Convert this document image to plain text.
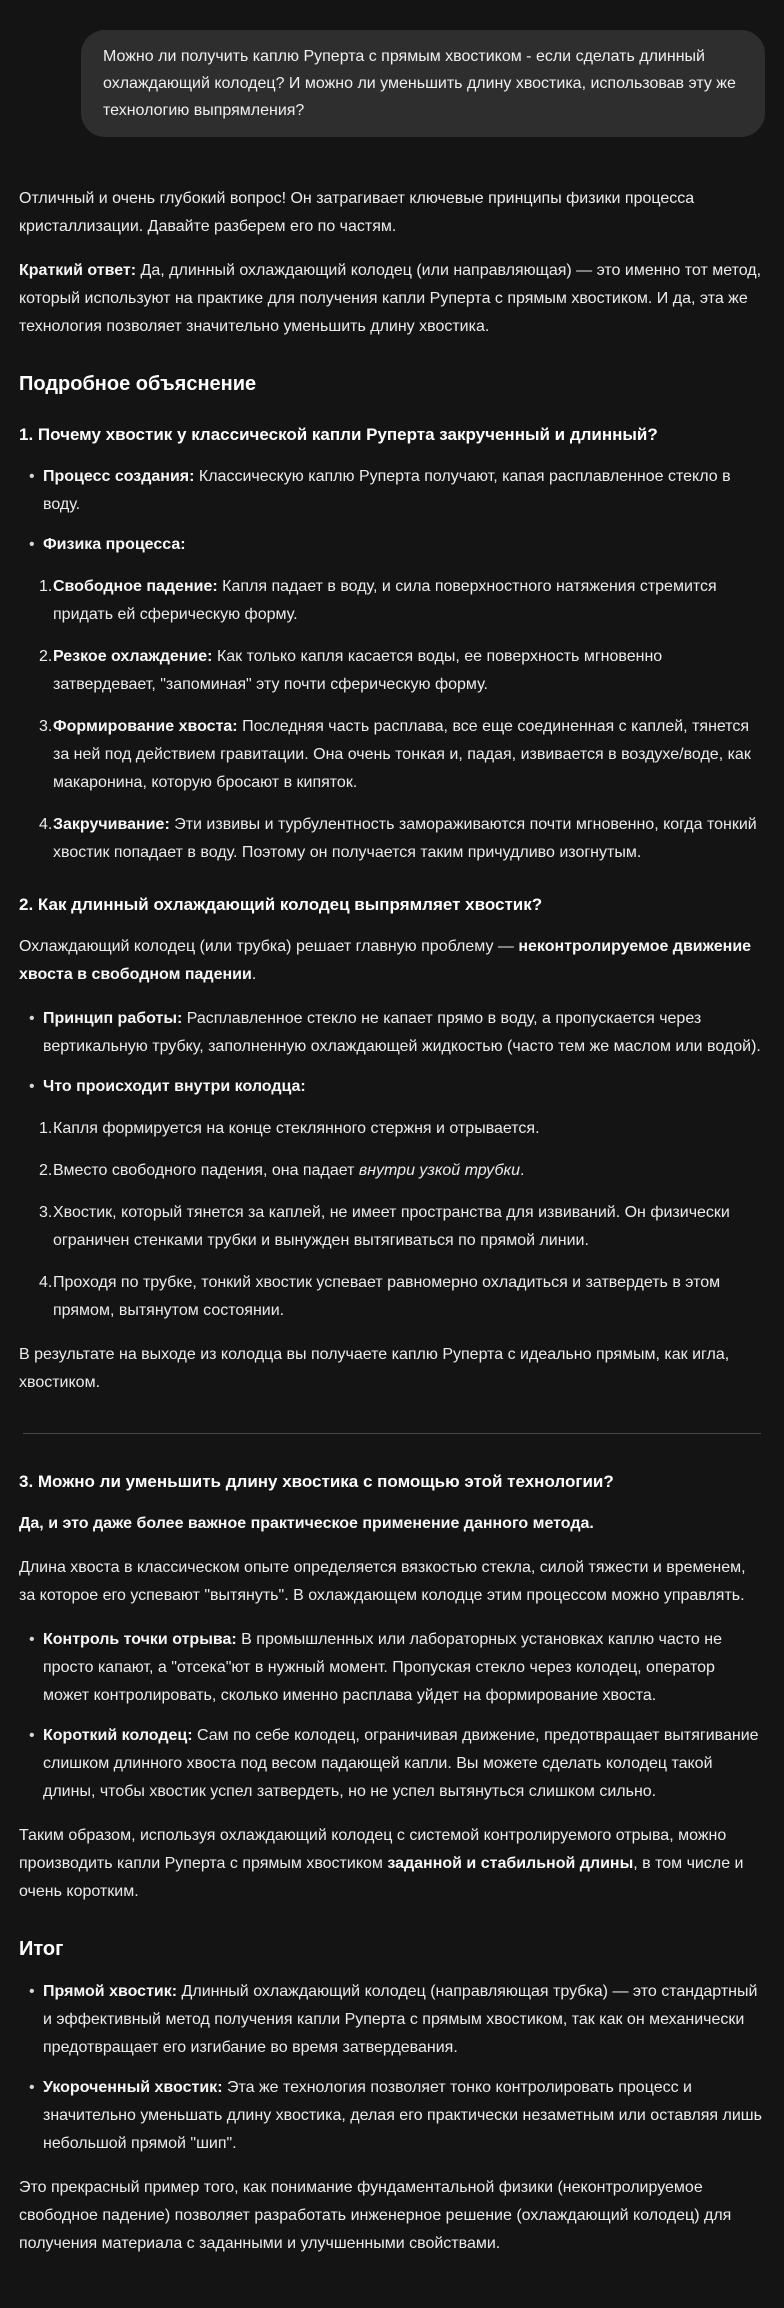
Можно ли получить каплю Руперта с прямым хвостиком - если сделать длинный охлаждающий колодец? И можно ли уменьшить длину хвостика, использовав эту же технологию выпрямления?

Отличный и очень глубокий вопрос! Он затрагивает ключевые принципы физики процесса кристаллизации. Давайте разберем его по частям.

Краткий ответ: Да, длинный охлаждающий колодец (или направляющая) — это именно тот метод, который используют на практике для получения капли Руперта с прямым хвостиком. И да, эта же технология позволяет значительно уменьшить длину хвостика.

Подробное объяснение
1. Почему хвостик у классической капли Руперта закрученный и длинный?
• Процесс создания: Классическую каплю Руперта получают, капая расплавленное стекло в воду.
• Физика процесса:
Свободное падение: Капля падает в воду, и сила поверхностного натяжения стремится придать ей сферическую форму.
Резкое охлаждение: Как только капля касается воды, ее поверхность мгновенно затвердевает, "запоминая" эту почти сферическую форму.
Формирование хвоста: Последняя часть расплава, все еще соединенная с каплей, тянется за ней под действием гравитации. Она очень тонкая и, падая, извивается в воздухе/воде, как макаронина, которую бросают в кипяток.
Закручивание: Эти извивы и турбулентность замораживаются почти мгновенно, когда тонкий хвостик попадает в воду. Поэтому он получается таким причудливо изогнутым.
2. Как длинный охлаждающий колодец выпрямляет хвостик?

Охлаждающий колодец (или трубка) решает главную проблему — неконтролируемое движение хвоста в свободном падении.

• Принцип работы: Расплавленное стекло не капает прямо в воду, а пропускается через вертикальную трубку, заполненную охлаждающей жидкостью (часто тем же маслом или водой).
• Что происходит внутри колодца:
Капля формируется на конце стеклянного стержня и отрывается.
Вместо свободного падения, она падает внутри узкой трубки.
Хвостик, который тянется за каплей, не имеет пространства для извиваний. Он физически ограничен стенками трубки и вынужден вытягиваться по прямой линии.
Проходя по трубке, тонкий хвостик успевает равномерно охладиться и затвердеть в этом прямом, вытянутом состоянии.

В результате на выходе из колодца вы получаете каплю Руперта с идеально прямым, как игла, хвостиком.

3. Можно ли уменьшить длину хвостика с помощью этой технологии?

Да, и это даже более важное практическое применение данного метода.

Длина хвоста в классическом опыте определяется вязкостью стекла, силой тяжести и временем, за которое его успевают "вытянуть". В охлаждающем колодце этим процессом можно управлять.

• Контроль точки отрыва: В промышленных или лабораторных установках каплю часто не просто капают, а "отсека"ют в нужный момент. Пропуская стекло через колодец, оператор может контролировать, сколько именно расплава уйдет на формирование хвоста.
• Короткий колодец: Сам по себе колодец, ограничивая движение, предотвращает вытягивание слишком длинного хвоста под весом падающей капли. Вы можете сделать колодец такой длины, чтобы хвостик успел затвердеть, но не успел вытянуться слишком сильно.

Таким образом, используя охлаждающий колодец с системой контролируемого отрыва, можно производить капли Руперта с прямым хвостиком заданной и стабильной длины, в том числе и очень коротким.

Итог
• Прямой хвостик: Длинный охлаждающий колодец (направляющая трубка) — это стандартный и эффективный метод получения капли Руперта с прямым хвостиком, так как он механически предотвращает его изгибание во время затвердевания.
• Укороченный хвостик: Эта же технология позволяет тонко контролировать процесс и значительно уменьшать длину хвостика, делая его практически незаметным или оставляя лишь небольшой прямой "шип".

Это прекрасный пример того, как понимание фундаментальной физики (неконтролируемое свободное падение) позволяет разработать инженерное решение (охлаждающий колодец) для получения материала с заданными и улучшенными свойствами.
